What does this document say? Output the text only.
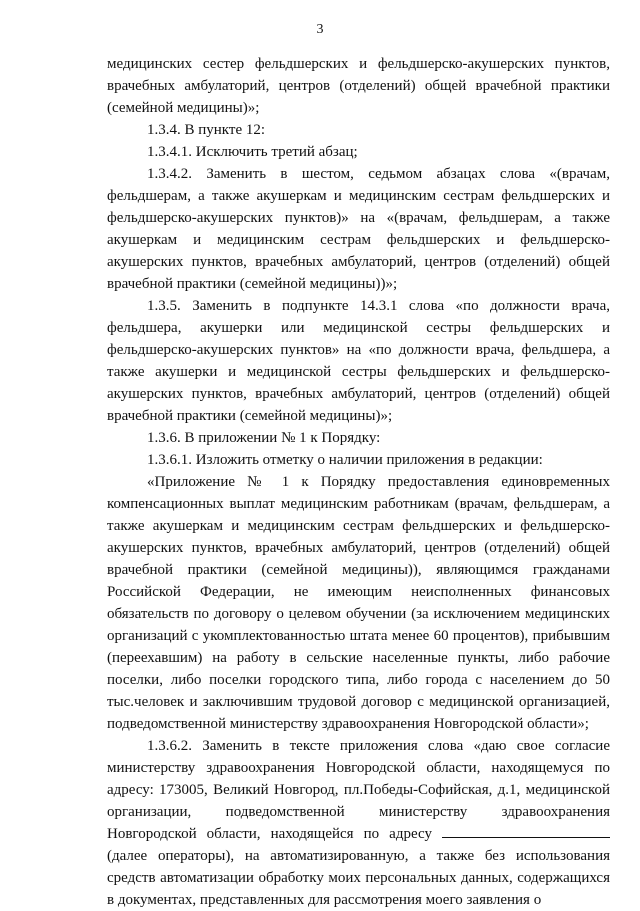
3

медицинских сестер фельдшерских и фельдшерско-акушерских пунктов, врачебных амбулаторий, центров (отделений) общей врачебной практики (семейной медицины)»;

1.3.4. В пункте 12:

1.3.4.1. Исключить третий абзац;

1.3.4.2. Заменить в шестом, седьмом абзацах слова «(врачам, фельдшерам, а также акушеркам и медицинским сестрам фельдшерских и фельдшерско-акушерских пунктов)» на «(врачам, фельдшерам, а также акушеркам и медицинским сестрам фельдшерских и фельдшерско-акушерских пунктов, врачебных амбулаторий, центров (отделений) общей врачебной практики (семейной медицины))»;

1.3.5. Заменить в подпункте 14.3.1 слова «по должности врача, фельдшера, акушерки или медицинской сестры фельдшерских и фельдшерско-акушерских пунктов» на «по должности врача, фельдшера, а также акушерки и медицинской сестры фельдшерских и фельдшерско-акушерских пунктов, врачебных амбулаторий, центров (отделений) общей врачебной практики (семейной медицины)»;

1.3.6. В приложении № 1 к Порядку:

1.3.6.1. Изложить отметку о наличии приложения в редакции:

«Приложение № 1 к Порядку предоставления единовременных компенсационных выплат медицинским работникам (врачам, фельдшерам, а также акушеркам и медицинским сестрам фельдшерских и фельдшерско-акушерских пунктов, врачебных амбулаторий, центров (отделений) общей врачебной практики (семейной медицины)), являющимся гражданами Российской Федерации, не имеющим неисполненных финансовых обязательств по договору о целевом обучении (за исключением медицинских организаций с укомплектованностью штата менее 60 процентов), прибывшим (переехавшим) на работу в сельские населенные пункты, либо рабочие поселки, либо поселки городского типа, либо города с населением до 50 тыс.человек и заключившим трудовой договор с медицинской организацией, подведомственной министерству здравоохранения Новгородской области»;

1.3.6.2. Заменить в тексте приложения слова «даю свое согласие министерству здравоохранения Новгородской области, находящемуся по адресу: 173005, Великий Новгород, пл.Победы-Софийская, д.1, медицинской организации, подведомственной министерству здравоохранения Новгородской области, находящейся по адресу  (далее операторы), на автоматизированную, а также без использования средств автоматизации обработку моих персональных данных, содержащихся в документах, представленных для рассмотрения моего заявления о
